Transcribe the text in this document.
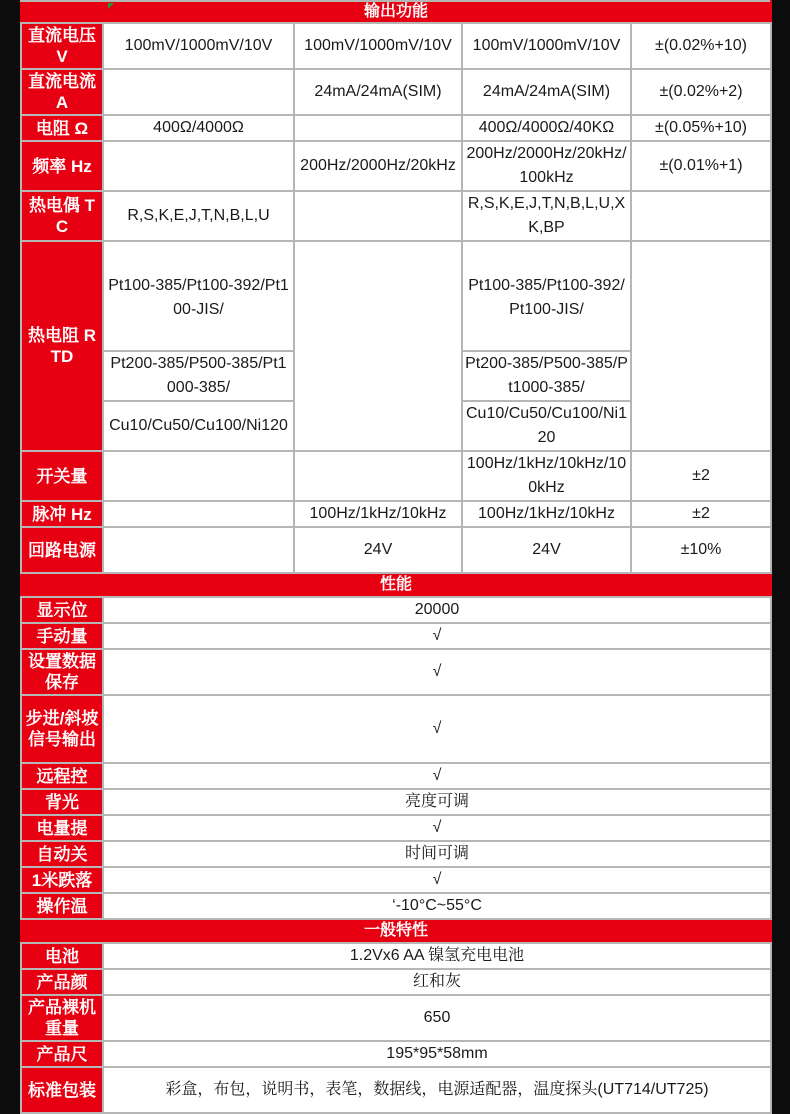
输出功能				
直流电压 V	100mV/1000mV/10V	100mV/1000mV/10V	100mV/1000mV/10V	±(0.02%+10)
直流电流 A		24mA/24mA(SIM)	24mA/24mA(SIM)	±(0.02%+2)
电阻 Ω	400Ω/4000Ω		400Ω/4000Ω/40KΩ	±(0.05%+10)
频率 Hz		200Hz/2000Hz/20kHz	200Hz/2000Hz/20kHz/100kHz	±(0.01%+1)
热电偶 TC	R,S,K,E,J,T,N,B,L,U		R,S,K,E,J,T,N,B,L,U,XK,BP	
热电阻 RTD	Pt100-385/Pt100-392/Pt100-JIS/		Pt100-385/Pt100-392/Pt100-JIS/	
	Pt200-385/P500-385/Pt1000-385/		Pt200-385/P500-385/Pt1000-385/	
	Cu10/Cu50/Cu100/Ni120		Cu10/Cu50/Cu100/Ni120	
开关量			100Hz/1kHz/10kHz/100kHz	±2
脉冲 Hz		100Hz/1kHz/10kHz	100Hz/1kHz/10kHz	±2
回路电源		24V	24V	±10%
性能				
显示位	20000			
手动量	√			
设置数据保存	√			
步进/斜坡信号输出	√			
远程控	√			
背光	亮度可调			
电量提	√			
自动关	时间可调			
1米跌落	√			
操作温	‘-10°C~55°C			
一般特性				
电池	1.2Vx6 AA 镍氢充电电池			
产品颜	红和灰			
产品裸机重量	650			
产品尺	195*95*58mm			
标准包装	彩盒，布包，说明书，表笔，数据线，电源适配器，温度探头(UT714/UT725)			
